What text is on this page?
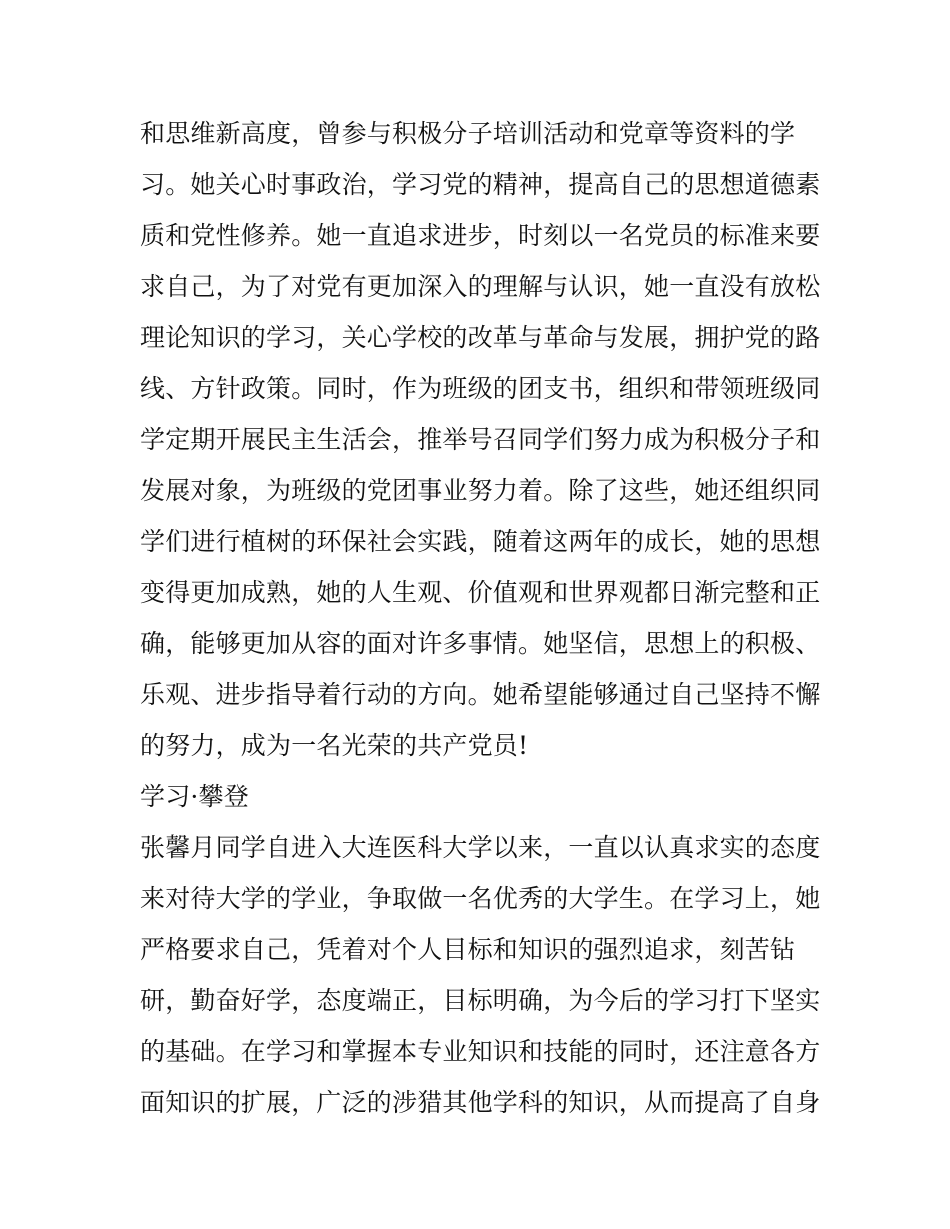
和思维新高度，曾参与积极分子培训活动和党章等资料的学
习。她关心时事政治，学习党的精神，提高自己的思想道德素
质和党性修养。她一直追求进步，时刻以一名党员的标准来要
求自己，为了对党有更加深入的理解与认识，她一直没有放松
理论知识的学习，关心学校的改革与革命与发展，拥护党的路
线、方针政策。同时，作为班级的团支书，组织和带领班级同
学定期开展民主生活会，推举号召同学们努力成为积极分子和
发展对象，为班级的党团事业努力着。除了这些，她还组织同
学们进行植树的环保社会实践，随着这两年的成长，她的思想
变得更加成熟，她的人生观、价值观和世界观都日渐完整和正
确，能够更加从容的面对许多事情。她坚信，思想上的积极、
乐观、进步指导着行动的方向。她希望能够通过自己坚持不懈
的努力，成为一名光荣的共产党员!
学习·攀登
张馨月同学自进入大连医科大学以来，一直以认真求实的态度
来对待大学的学业，争取做一名优秀的大学生。在学习上，她
严格要求自己，凭着对个人目标和知识的强烈追求，刻苦钻
研，勤奋好学，态度端正，目标明确，为今后的学习打下坚实
的基础。在学习和掌握本专业知识和技能的同时，还注意各方
面知识的扩展，广泛的涉猎其他学科的知识，从而提高了自身
